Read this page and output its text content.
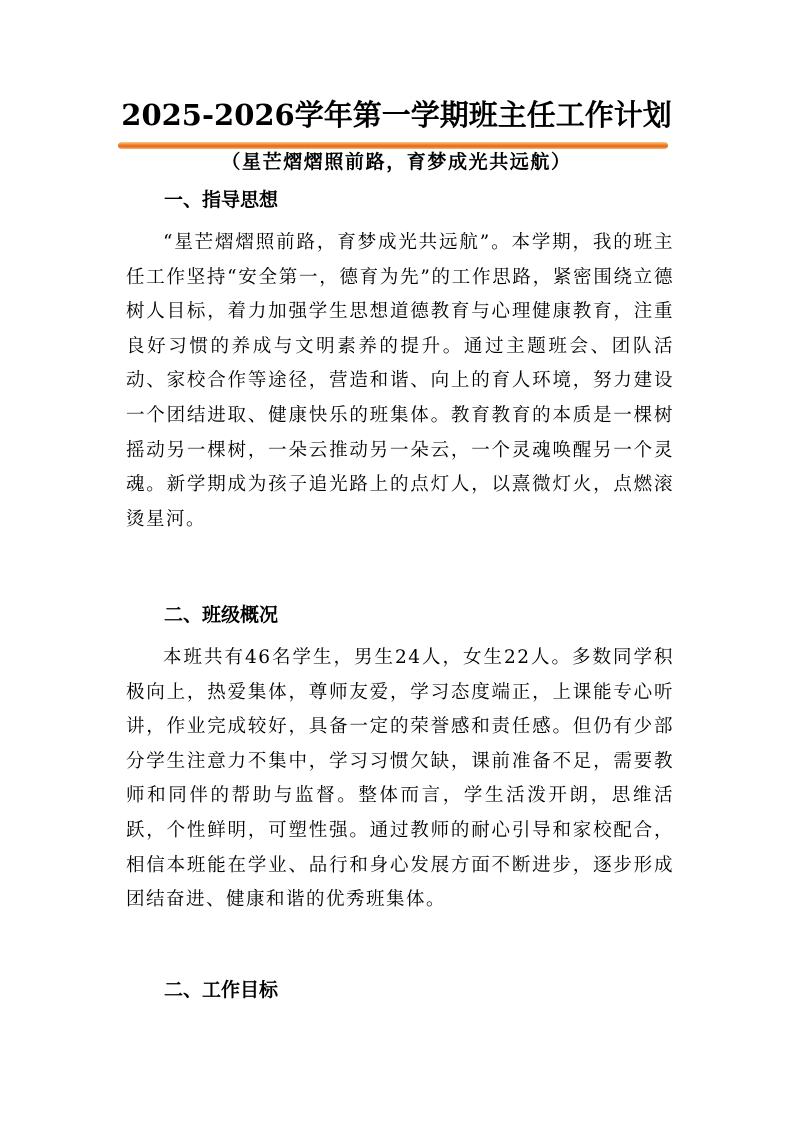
2025-2026学年第一学期班主任工作计划
（星芒熠熠照前路，育梦成光共远航）
一、指导思想

“星芒熠熠照前路，育梦成光共远航”。本学期，我的班主任工作坚持“安全第一，德育为先”的工作思路，紧密围绕立德树人目标，着力加强学生思想道德教育与心理健康教育，注重良好习惯的养成与文明素养的提升。通过主题班会、团队活动、家校合作等途径，营造和谐、向上的育人环境，努力建设一个团结进取、健康快乐的班集体。教育教育的本质是一棵树摇动另一棵树，一朵云推动另一朵云，一个灵魂唤醒另一个灵魂。新学期成为孩子追光路上的点灯人，以熹微灯火，点燃滚烫星河。

二、班级概况

本班共有46名学生，男生24人，女生22人。多数同学积极向上，热爱集体，尊师友爱，学习态度端正，上课能专心听讲，作业完成较好，具备一定的荣誉感和责任感。但仍有少部分学生注意力不集中，学习习惯欠缺，课前准备不足，需要教师和同伴的帮助与监督。整体而言，学生活泼开朗，思维活跃，个性鲜明，可塑性强。通过教师的耐心引导和家校配合，相信本班能在学业、品行和身心发展方面不断进步，逐步形成团结奋进、健康和谐的优秀班集体。

二、工作目标
